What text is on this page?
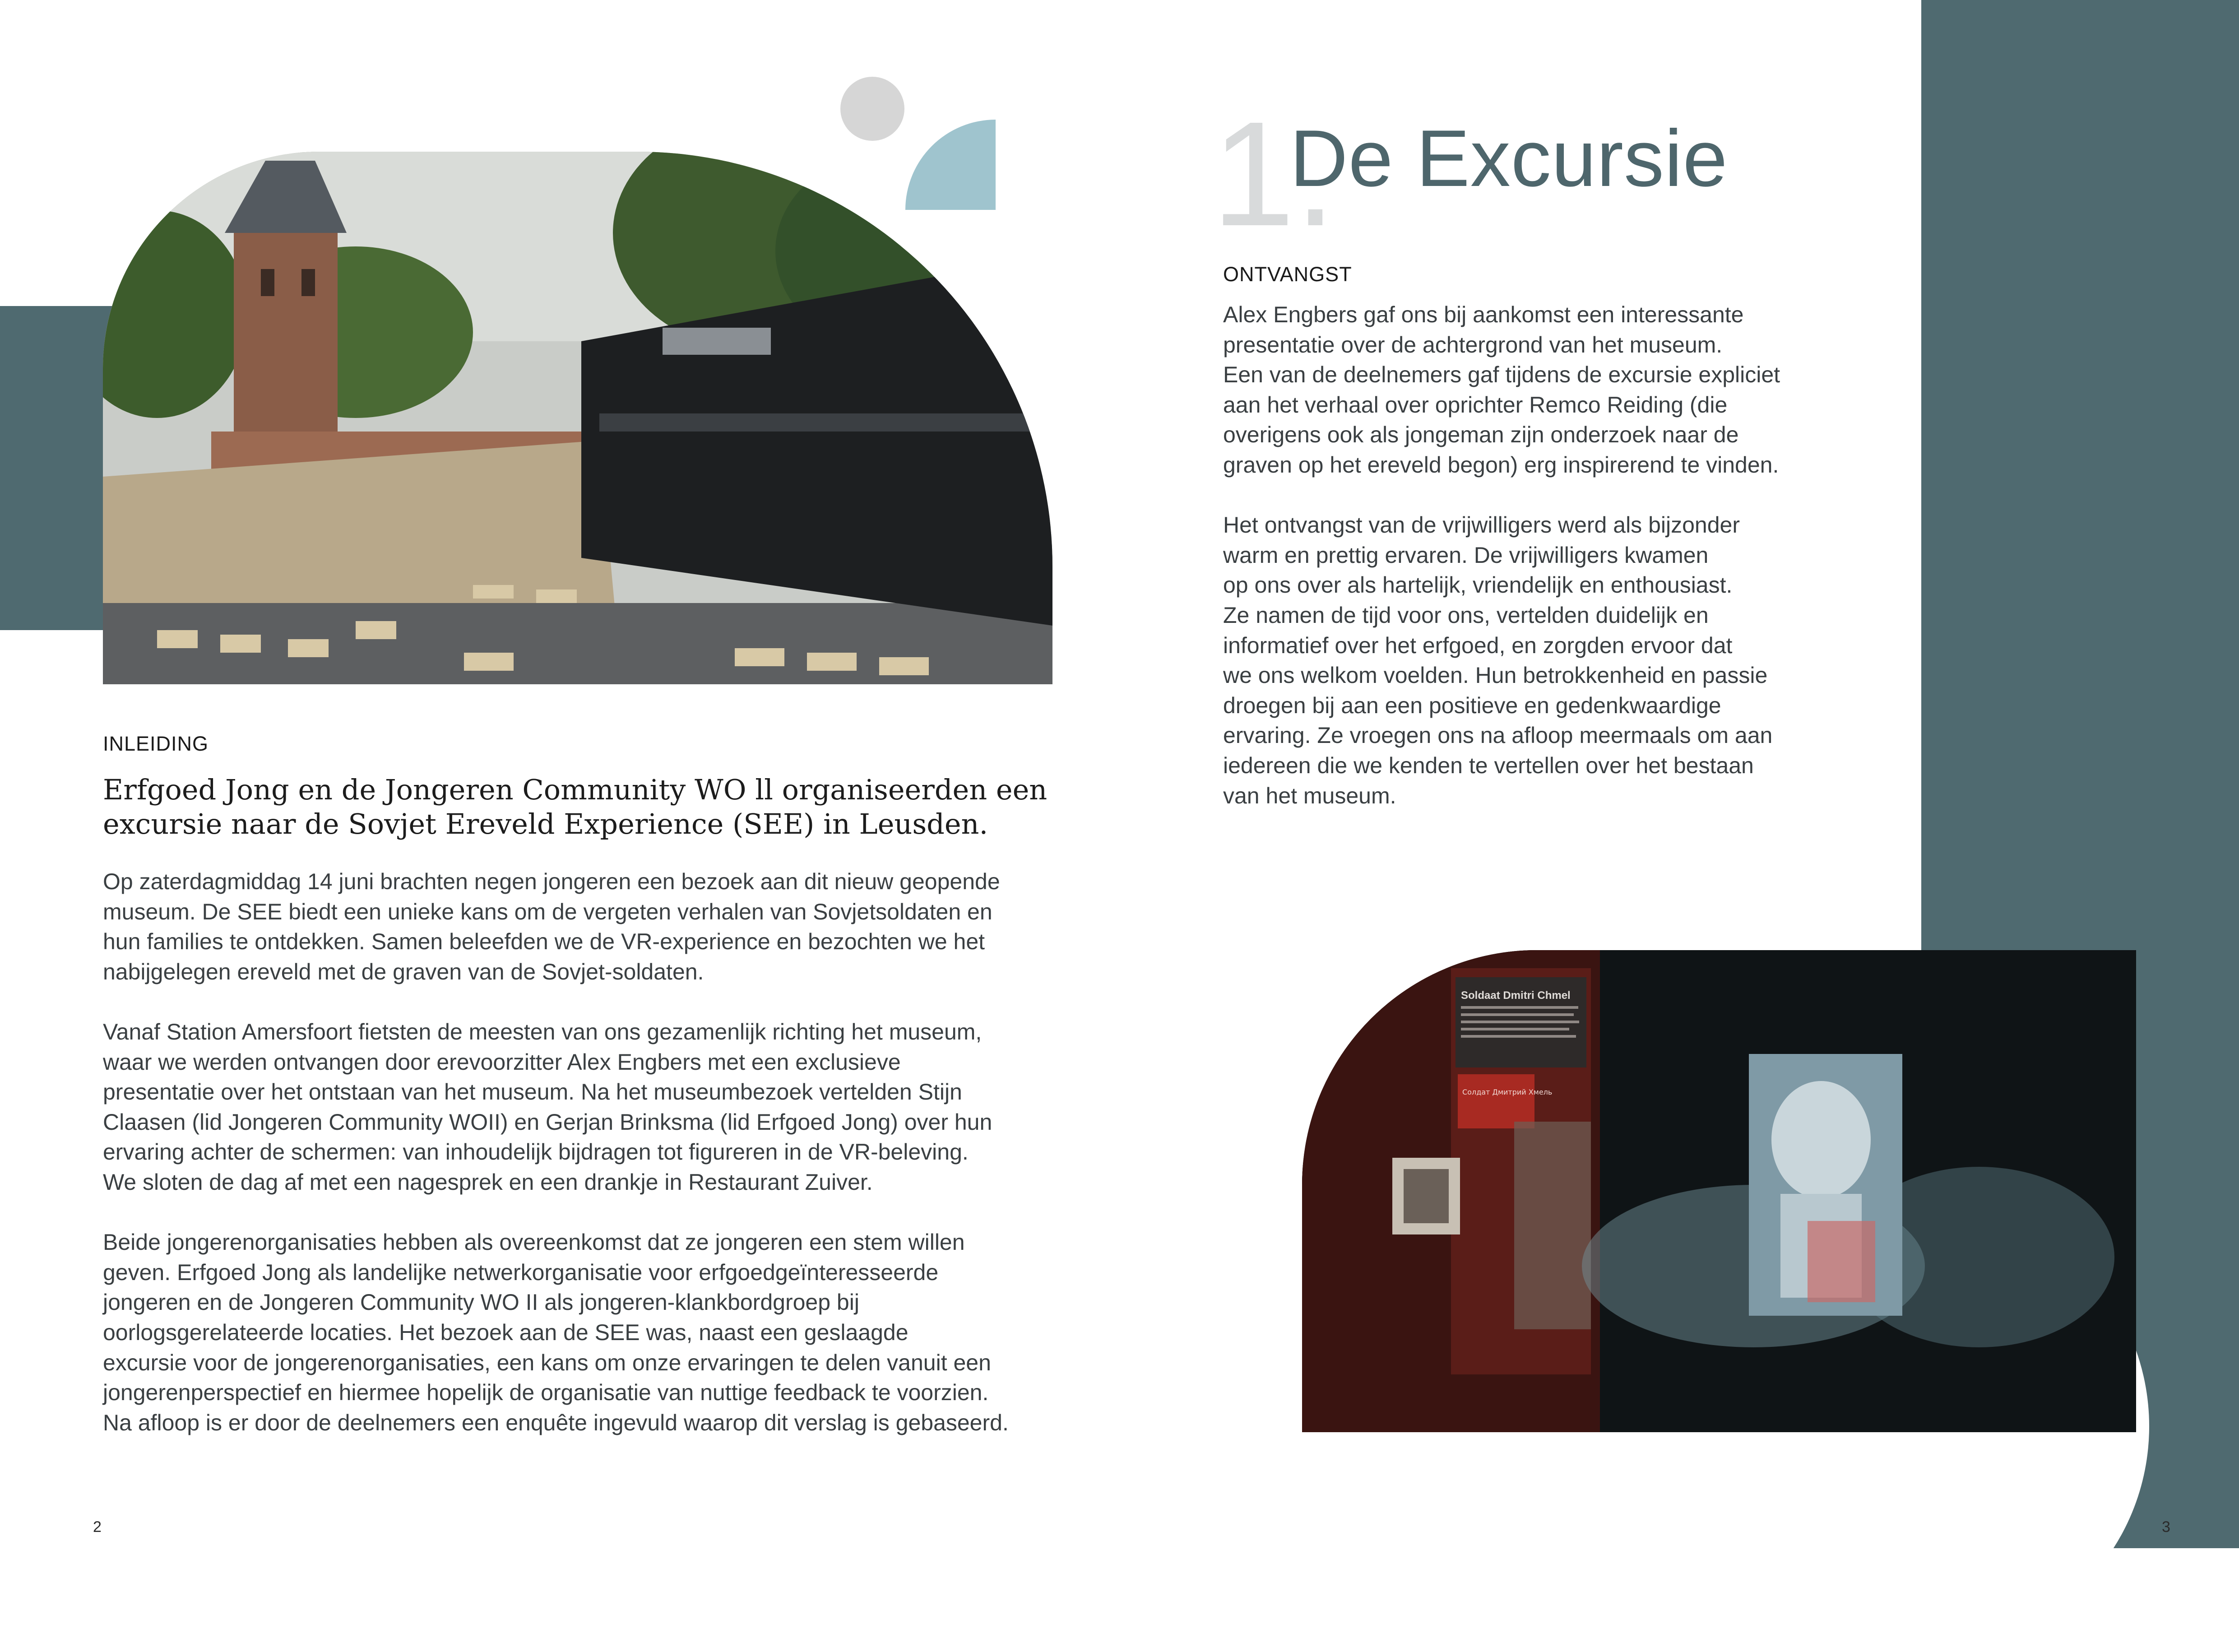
INLEIDING
Erfgoed Jong en de Jongeren Community WO ll organiseerden een excursie naar de Sovjet Ereveld Experience (SEE) in Leusden.

Op zaterdagmiddag 14 juni brachten negen jongeren een bezoek aan dit nieuw geopende

museum. De SEE biedt een unieke kans om de vergeten verhalen van Sovjetsoldaten en

hun families te ontdekken. Samen beleefden we de VR-experience en bezochten we het

nabijgelegen ereveld met de graven van de Sovjet-soldaten.

Vanaf Station Amersfoort fietsten de meesten van ons gezamenlijk richting het museum,

waar we werden ontvangen door erevoorzitter Alex Engbers met een exclusieve

presentatie over het ontstaan van het museum. Na het museumbezoek vertelden Stijn

Claasen (lid Jongeren Community WOII) en Gerjan Brinksma (lid Erfgoed Jong) over hun

ervaring achter de schermen: van inhoudelijk bijdragen tot figureren in de VR-beleving.

We sloten de dag af met een nagesprek en een drankje in Restaurant Zuiver.

Beide jongerenorganisaties hebben als overeenkomst dat ze jongeren een stem willen

geven. Erfgoed Jong als landelijke netwerkorganisatie voor erfgoedgeïnteresseerde

jongeren en de Jongeren Community WO II als jongeren-klankbordgroep bij

oorlogsgerelateerde locaties. Het bezoek aan de SEE was, naast een geslaagde

excursie voor de jongerenorganisaties, een kans om onze ervaringen te delen vanuit een

jongerenperspectief en hiermee hopelijk de organisatie van nuttige feedback te voorzien.

Na afloop is er door de deelnemers een enquête ingevuld waarop dit verslag is gebaseerd.

2
1.
De Excursie
ONTVANGST

Alex Engbers gaf ons bij aankomst een interessante

presentatie over de achtergrond van het museum.

Een van de deelnemers gaf tijdens de excursie expliciet

aan het verhaal over oprichter Remco Reiding (die

overigens ook als jongeman zijn onderzoek naar de

graven op het ereveld begon) erg inspirerend te vinden.

Het ontvangst van de vrijwilligers werd als bijzonder

warm en prettig ervaren. De vrijwilligers kwamen

op ons over als hartelijk, vriendelijk en enthousiast.

Ze namen de tijd voor ons, vertelden duidelijk en

informatief over het erfgoed, en zorgden ervoor dat

we ons welkom voelden. Hun betrokkenheid en passie

droegen bij aan een positieve en gedenkwaardige

ervaring. Ze vroegen ons na afloop meermaals om aan

iedereen die we kenden te vertellen over het bestaan

van het museum.

Soldaat Dmitri Chmel
Солдат Дмитрий Хмель
3
